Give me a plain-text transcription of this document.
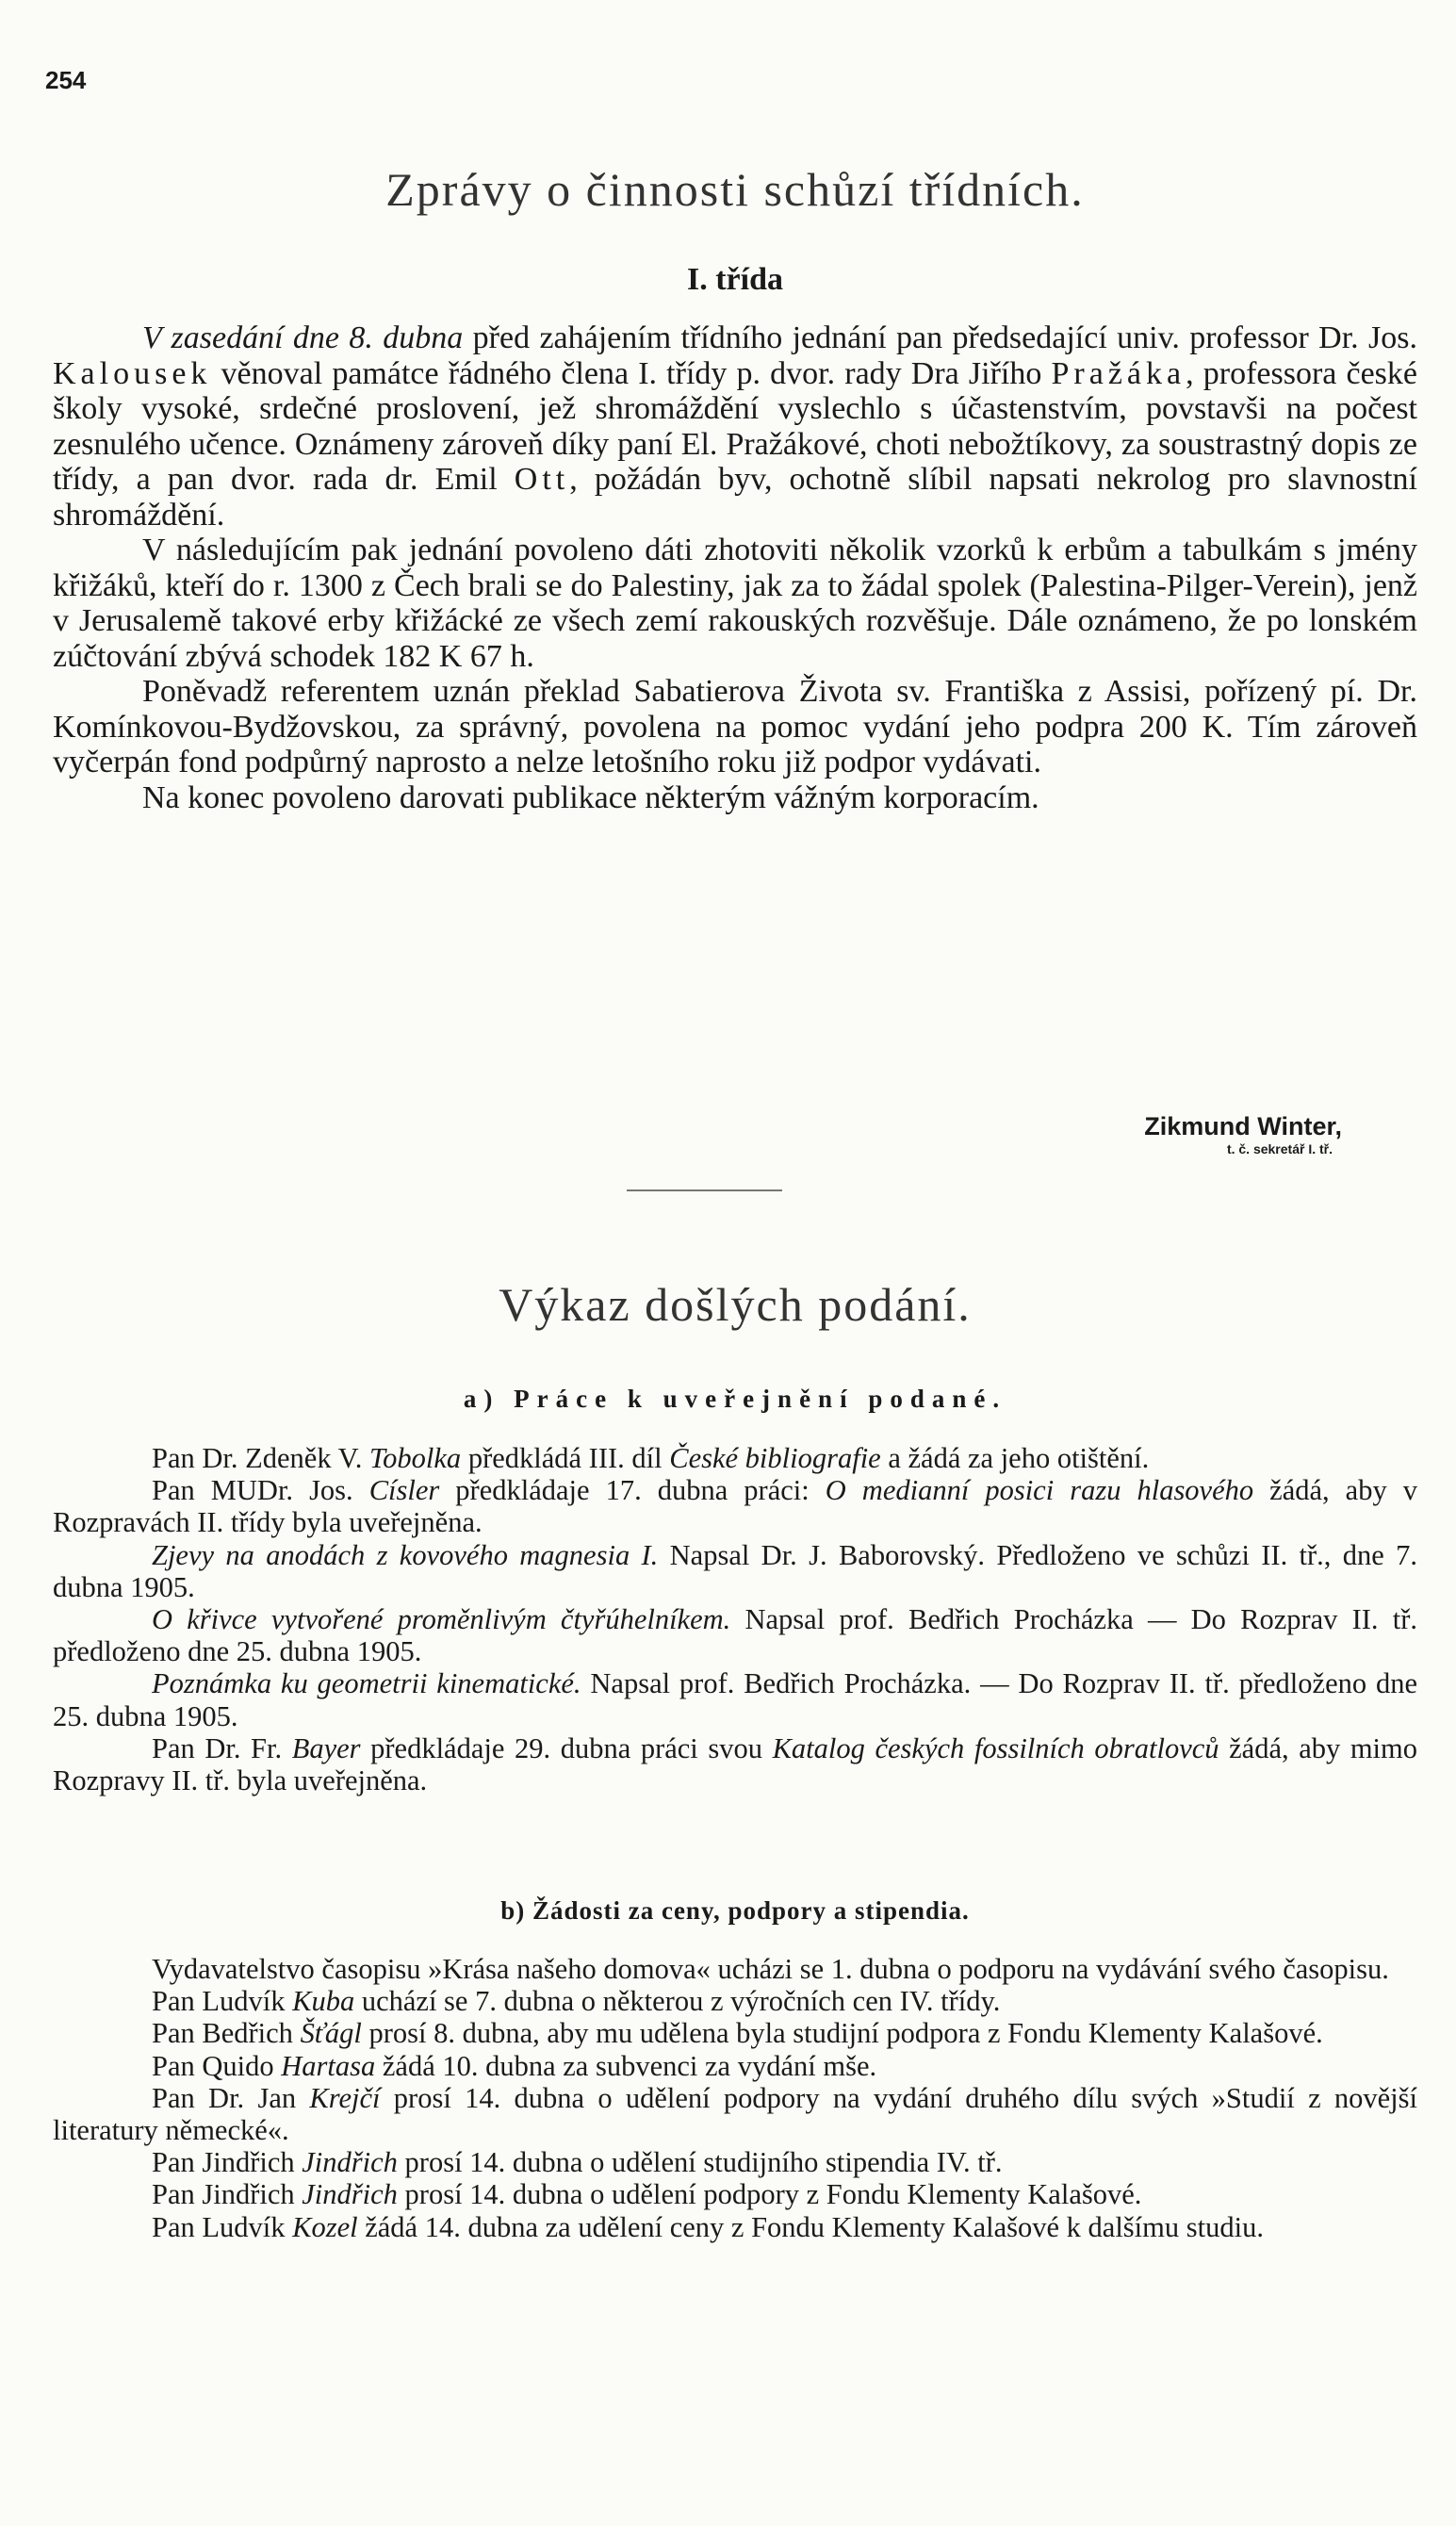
254
Zprávy o činnosti schůzí třídních.
I. třída

V zasedání dne 8. dubna před zahájením třídního jednání pan předsedající univ. professor Dr. Jos. Kalousek věnoval památce řádného člena I. třídy p. dvor. rady Dra Jiřího Pražáka, professora české školy vysoké, srdečné proslovení, jež shromáždění vyslechlo s účastenstvím, povstavši na počest zesnulého učence. Oznámeny zároveň díky paní El. Pražákové, choti nebožtíkovy, za soustrastný dopis ze třídy, a pan dvor. rada dr. Emil Ott, požádán byv, ochotně slíbil napsati nekrolog pro slavnostní shromáždění.

V následujícím pak jednání povoleno dáti zhotoviti několik vzorků k erbům a tabulkám s jmény křižáků, kteří do r. 1300 z Čech brali se do Palestiny, jak za to žádal spolek (Palestina-Pilger-Verein), jenž v Jerusalemě takové erby křižácké ze všech zemí rakouských rozvěšuje. Dále oznámeno, že po lonském zúčtování zbývá schodek 182 K 67 h.

Poněvadž referentem uznán překlad Sabatierova Života sv. Františka z Assisi, pořízený pí. Dr. Komínkovou-Bydžovskou, za správný, povolena na pomoc vydání jeho podpra 200 K. Tím zároveň vyčerpán fond podpůrný naprosto a nelze letošního roku již podpor vydávati.

Na konec povoleno darovati publikace některým vážným korporacím.

Zikmund Winter,
t. č. sekretář I. tř.
Výkaz došlých podání.
a) Práce k uveřejnění podané.

Pan Dr. Zdeněk V. Tobolka předkládá III. díl České bibliografie a žádá za jeho otištění.

Pan MUDr. Jos. Císler předkládaje 17. dubna práci: O medianní posici razu hlasového žádá, aby v Rozpravách II. třídy byla uveřejněna.

Zjevy na anodách z kovového magnesia I. Napsal Dr. J. Baborovský. Předloženo ve schůzi II. tř., dne 7. dubna 1905.

O křivce vytvořené proměnlivým čtyřúhelníkem. Napsal prof. Bedřich Procházka — Do Rozprav II. tř. předloženo dne 25. dubna 1905.

Poznámka ku geometrii kinematické. Napsal prof. Bedřich Procházka. — Do Rozprav II. tř. předloženo dne 25. dubna 1905.

Pan Dr. Fr. Bayer předkládaje 29. dubna práci svou Katalog českých fossilních obratlovců žádá, aby mimo Rozpravy II. tř. byla uveřejněna.

b) Žádosti za ceny, podpory a stipendia.

Vydavatelstvo časopisu »Krása našeho domova« ucházi se 1. dubna o podporu na vydávání svého časopisu.

Pan Ludvík Kuba uchází se 7. dubna o některou z výročních cen IV. třídy.

Pan Bedřich Šťágl prosí 8. dubna, aby mu udělena byla studijní podpora z Fondu Klementy Kalašové.

Pan Quido Hartasa žádá 10. dubna za subvenci za vydání mše.

Pan Dr. Jan Krejčí prosí 14. dubna o udělení podpory na vydání druhého dílu svých »Studií z novější literatury německé«.

Pan Jindřich Jindřich prosí 14. dubna o udělení studijního stipendia IV. tř.

Pan Jindřich Jindřich prosí 14. dubna o udělení podpory z Fondu Klementy Kalašové.

Pan Ludvík Kozel žádá 14. dubna za udělení ceny z Fondu Klementy Kalašové k dalšímu studiu.
